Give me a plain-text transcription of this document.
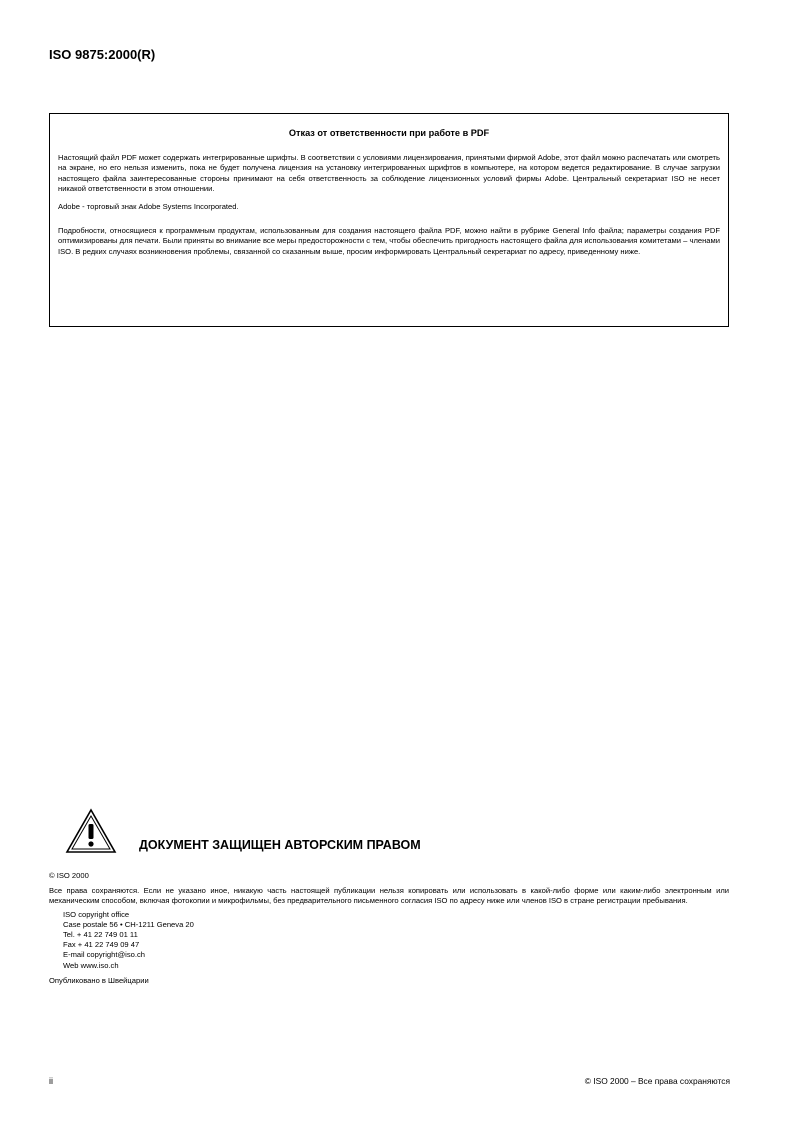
ISO 9875:2000(R)
Отказ от ответственности при работе в PDF

Настоящий файл PDF может содержать интегрированные шрифты. В соответствии с условиями лицензирования, принятыми фирмой Adobe, этот файл можно распечатать или смотреть на экране, но его нельзя изменить, пока не будет получена лицензия на установку интегрированных шрифтов в компьютере, на котором ведется редактирование. В случае загрузки настоящего файла заинтересованные стороны принимают на себя ответственность за соблюдение лицензионных условий фирмы Adobe. Центральный секретариат ISO не несет никакой ответственности в этом отношении.

Adobe - торговый знак Adobe Systems Incorporated.

Подробности, относящиеся к программным продуктам, использованным для создания настоящего файла PDF, можно найти в рубрике General Info файла; параметры создания PDF оптимизированы для печати. Были приняты во внимание все меры предосторожности с тем, чтобы обеспечить пригодность настоящего файла для использования комитетами – членами ISO. В редких случаях возникновения проблемы, связанной со сказанным выше, просим информировать Центральный секретариат по адресу, приведенному ниже.

ДОКУМЕНТ ЗАЩИЩЕН АВТОРСКИМ ПРАВОМ

© ISO 2000

Все права сохраняются. Если не указано иное, никакую часть настоящей публикации нельзя копировать или использовать в какой-либо форме или каким-либо электронным или механическим способом, включая фотокопии и микрофильмы, без предварительного письменного согласия ISO по адресу ниже или членов ISO в стране регистрации пребывания.

ISO copyright office
Case postale 56 • CH-1211 Geneva 20
Tel. + 41 22 749 01 11
Fax + 41 22 749 09 47
E-mail copyright@iso.ch
Web www.iso.ch

Опубликовано в Швейцарии

ii	© ISO 2000 – Все права сохраняются
